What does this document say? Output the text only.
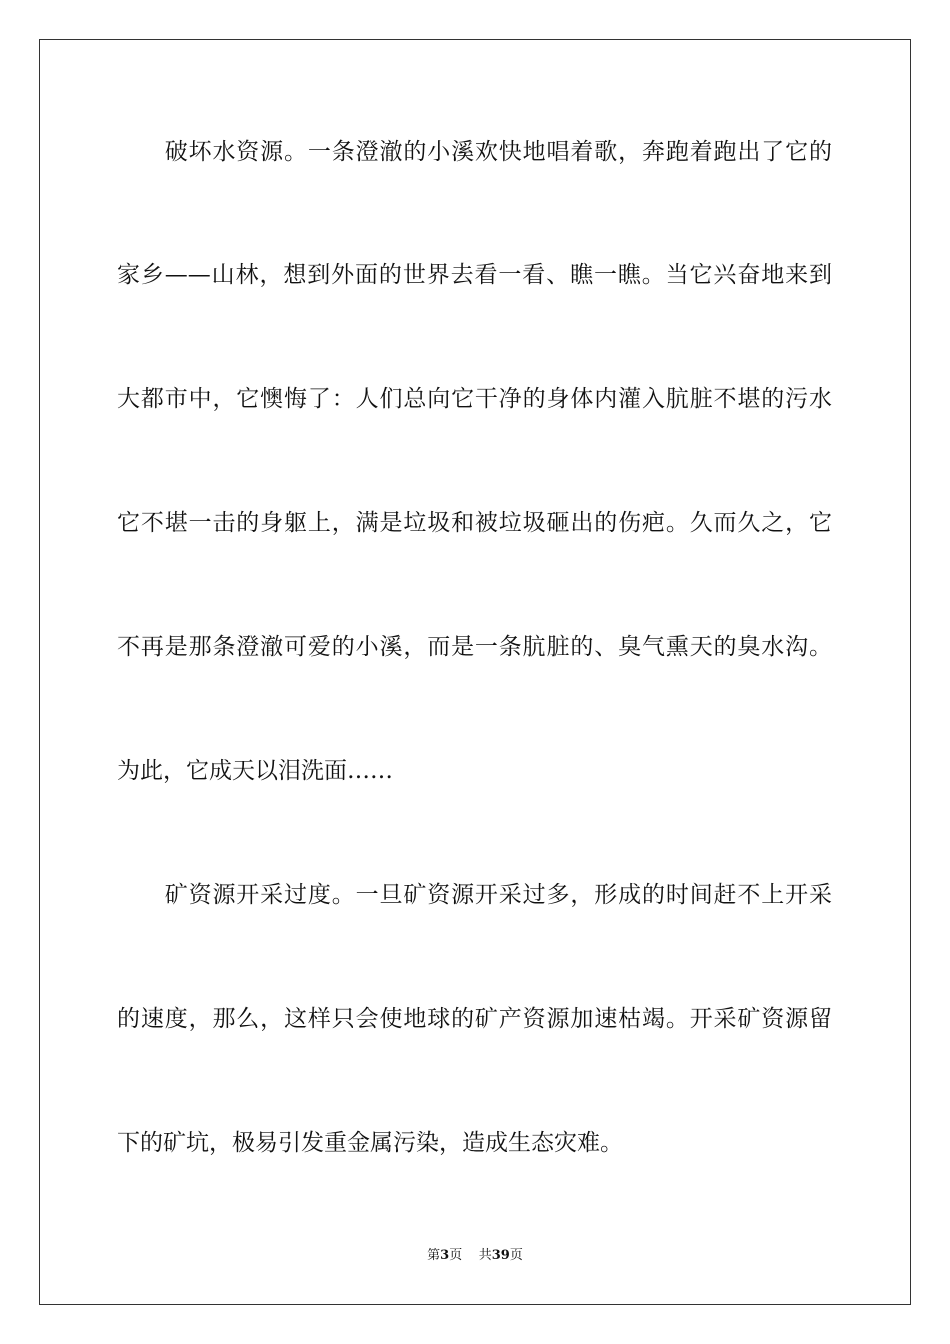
　　破坏水资源。一条澄澈的小溪欢快地唱着歌，奔跑着跑出了它的
家乡——山林，想到外面的世界去看一看、瞧一瞧。当它兴奋地来到
大都市中，它懊悔了：人们总向它干净的身体内灌入肮脏不堪的污水
它不堪一击的身躯上，满是垃圾和被垃圾砸出的伤疤。久而久之，它
不再是那条澄澈可爱的小溪，而是一条肮脏的、臭气熏天的臭水沟。
为此，它成天以泪洗面……
　　矿资源开采过度。一旦矿资源开采过多，形成的时间赶不上开采
的速度，那么，这样只会使地球的矿产资源加速枯竭。开采矿资源留
下的矿坑，极易引发重金属污染，造成生态灾难。
第3页 共39页
